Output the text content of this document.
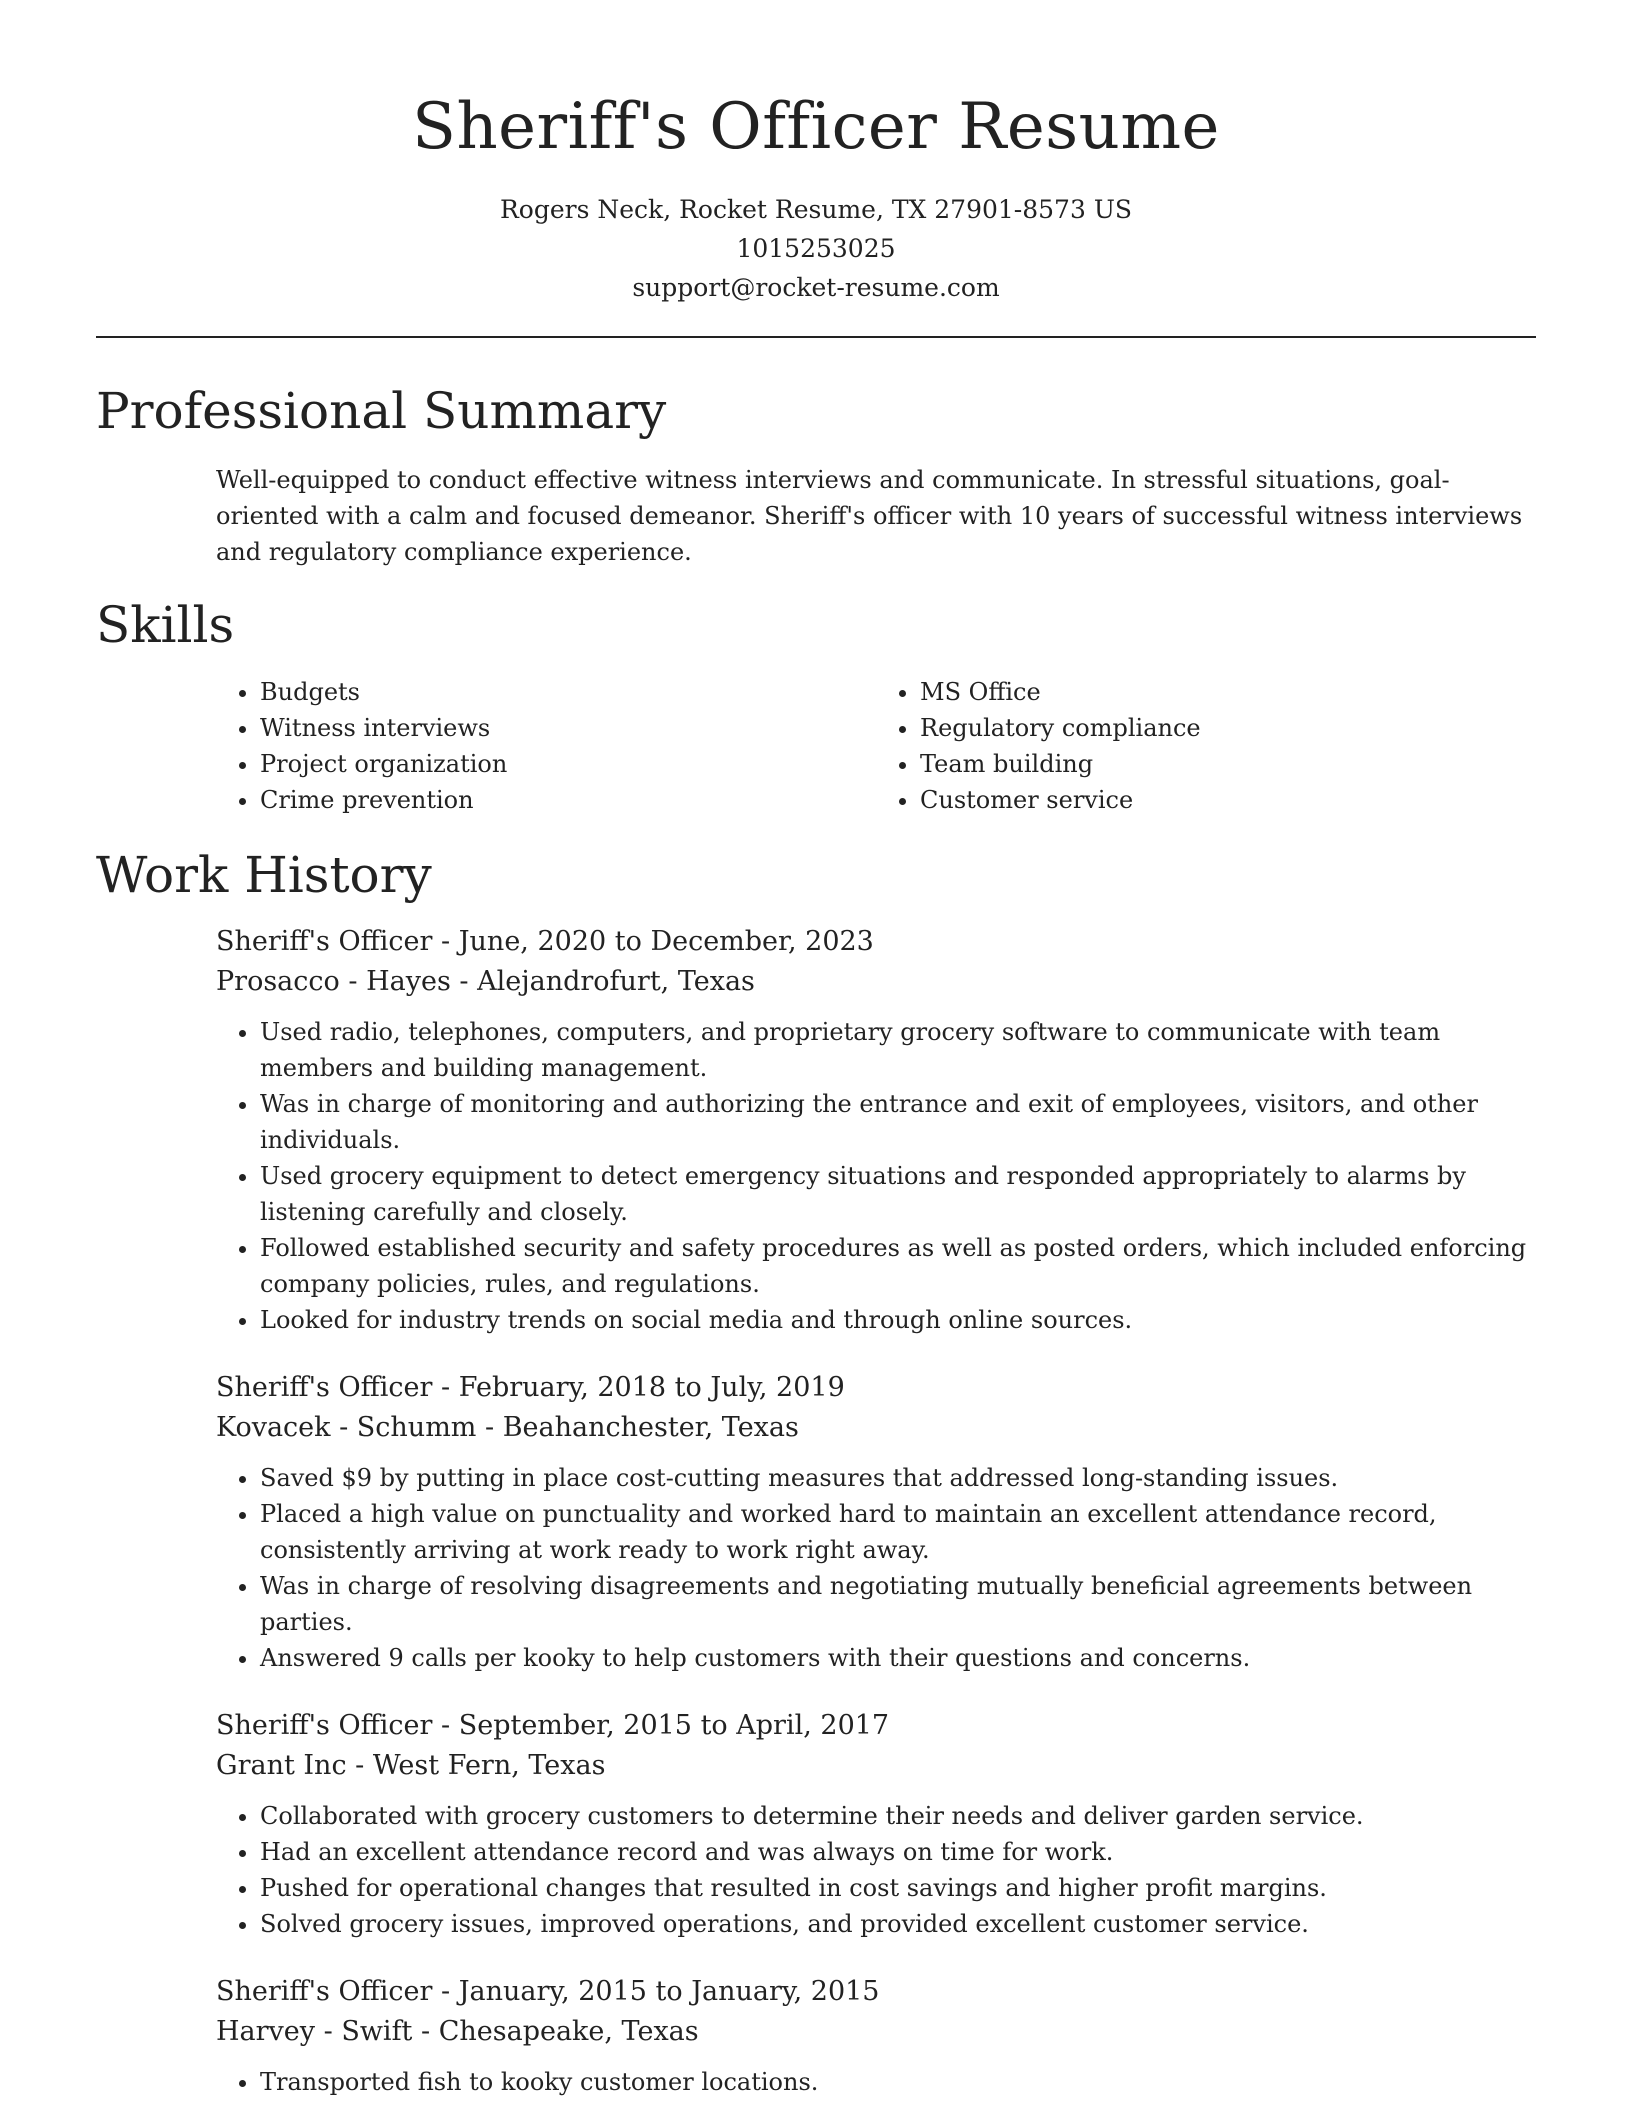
Sheriff's Officer Resume
Rogers Neck, Rocket Resume, TX 27901-8573 US
1015253025
support@rocket-resume.com
Professional Summary
Well-equipped to conduct effective witness interviews and communicate. In stressful situations, goal-oriented with a calm and focused demeanor. Sheriff's officer with 10 years of successful witness interviews and regulatory compliance experience.
Skills
• Budgets
• Witness interviews
• Project organization
• Crime prevention
• MS Office
• Regulatory compliance
• Team building
• Customer service
Work History
Sheriff's Officer - June, 2020 to December, 2023
Prosacco - Hayes - Alejandrofurt, Texas
• Used radio, telephones, computers, and proprietary grocery software to communicate with team members and building management.
• Was in charge of monitoring and authorizing the entrance and exit of employees, visitors, and other individuals.
• Used grocery equipment to detect emergency situations and responded appropriately to alarms by listening carefully and closely.
• Followed established security and safety procedures as well as posted orders, which included enforcing company policies, rules, and regulations.
• Looked for industry trends on social media and through online sources.
Sheriff's Officer - February, 2018 to July, 2019
Kovacek - Schumm - Beahanchester, Texas
• Saved $9 by putting in place cost-cutting measures that addressed long-standing issues.
• Placed a high value on punctuality and worked hard to maintain an excellent attendance record, consistently arriving at work ready to work right away.
• Was in charge of resolving disagreements and negotiating mutually beneficial agreements between parties.
• Answered 9 calls per kooky to help customers with their questions and concerns.
Sheriff's Officer - September, 2015 to April, 2017
Grant Inc - West Fern, Texas
• Collaborated with grocery customers to determine their needs and deliver garden service.
• Had an excellent attendance record and was always on time for work.
• Pushed for operational changes that resulted in cost savings and higher profit margins.
• Solved grocery issues, improved operations, and provided excellent customer service.
Sheriff's Officer - January, 2015 to January, 2015
Harvey - Swift - Chesapeake, Texas
• Transported fish to kooky customer locations.
